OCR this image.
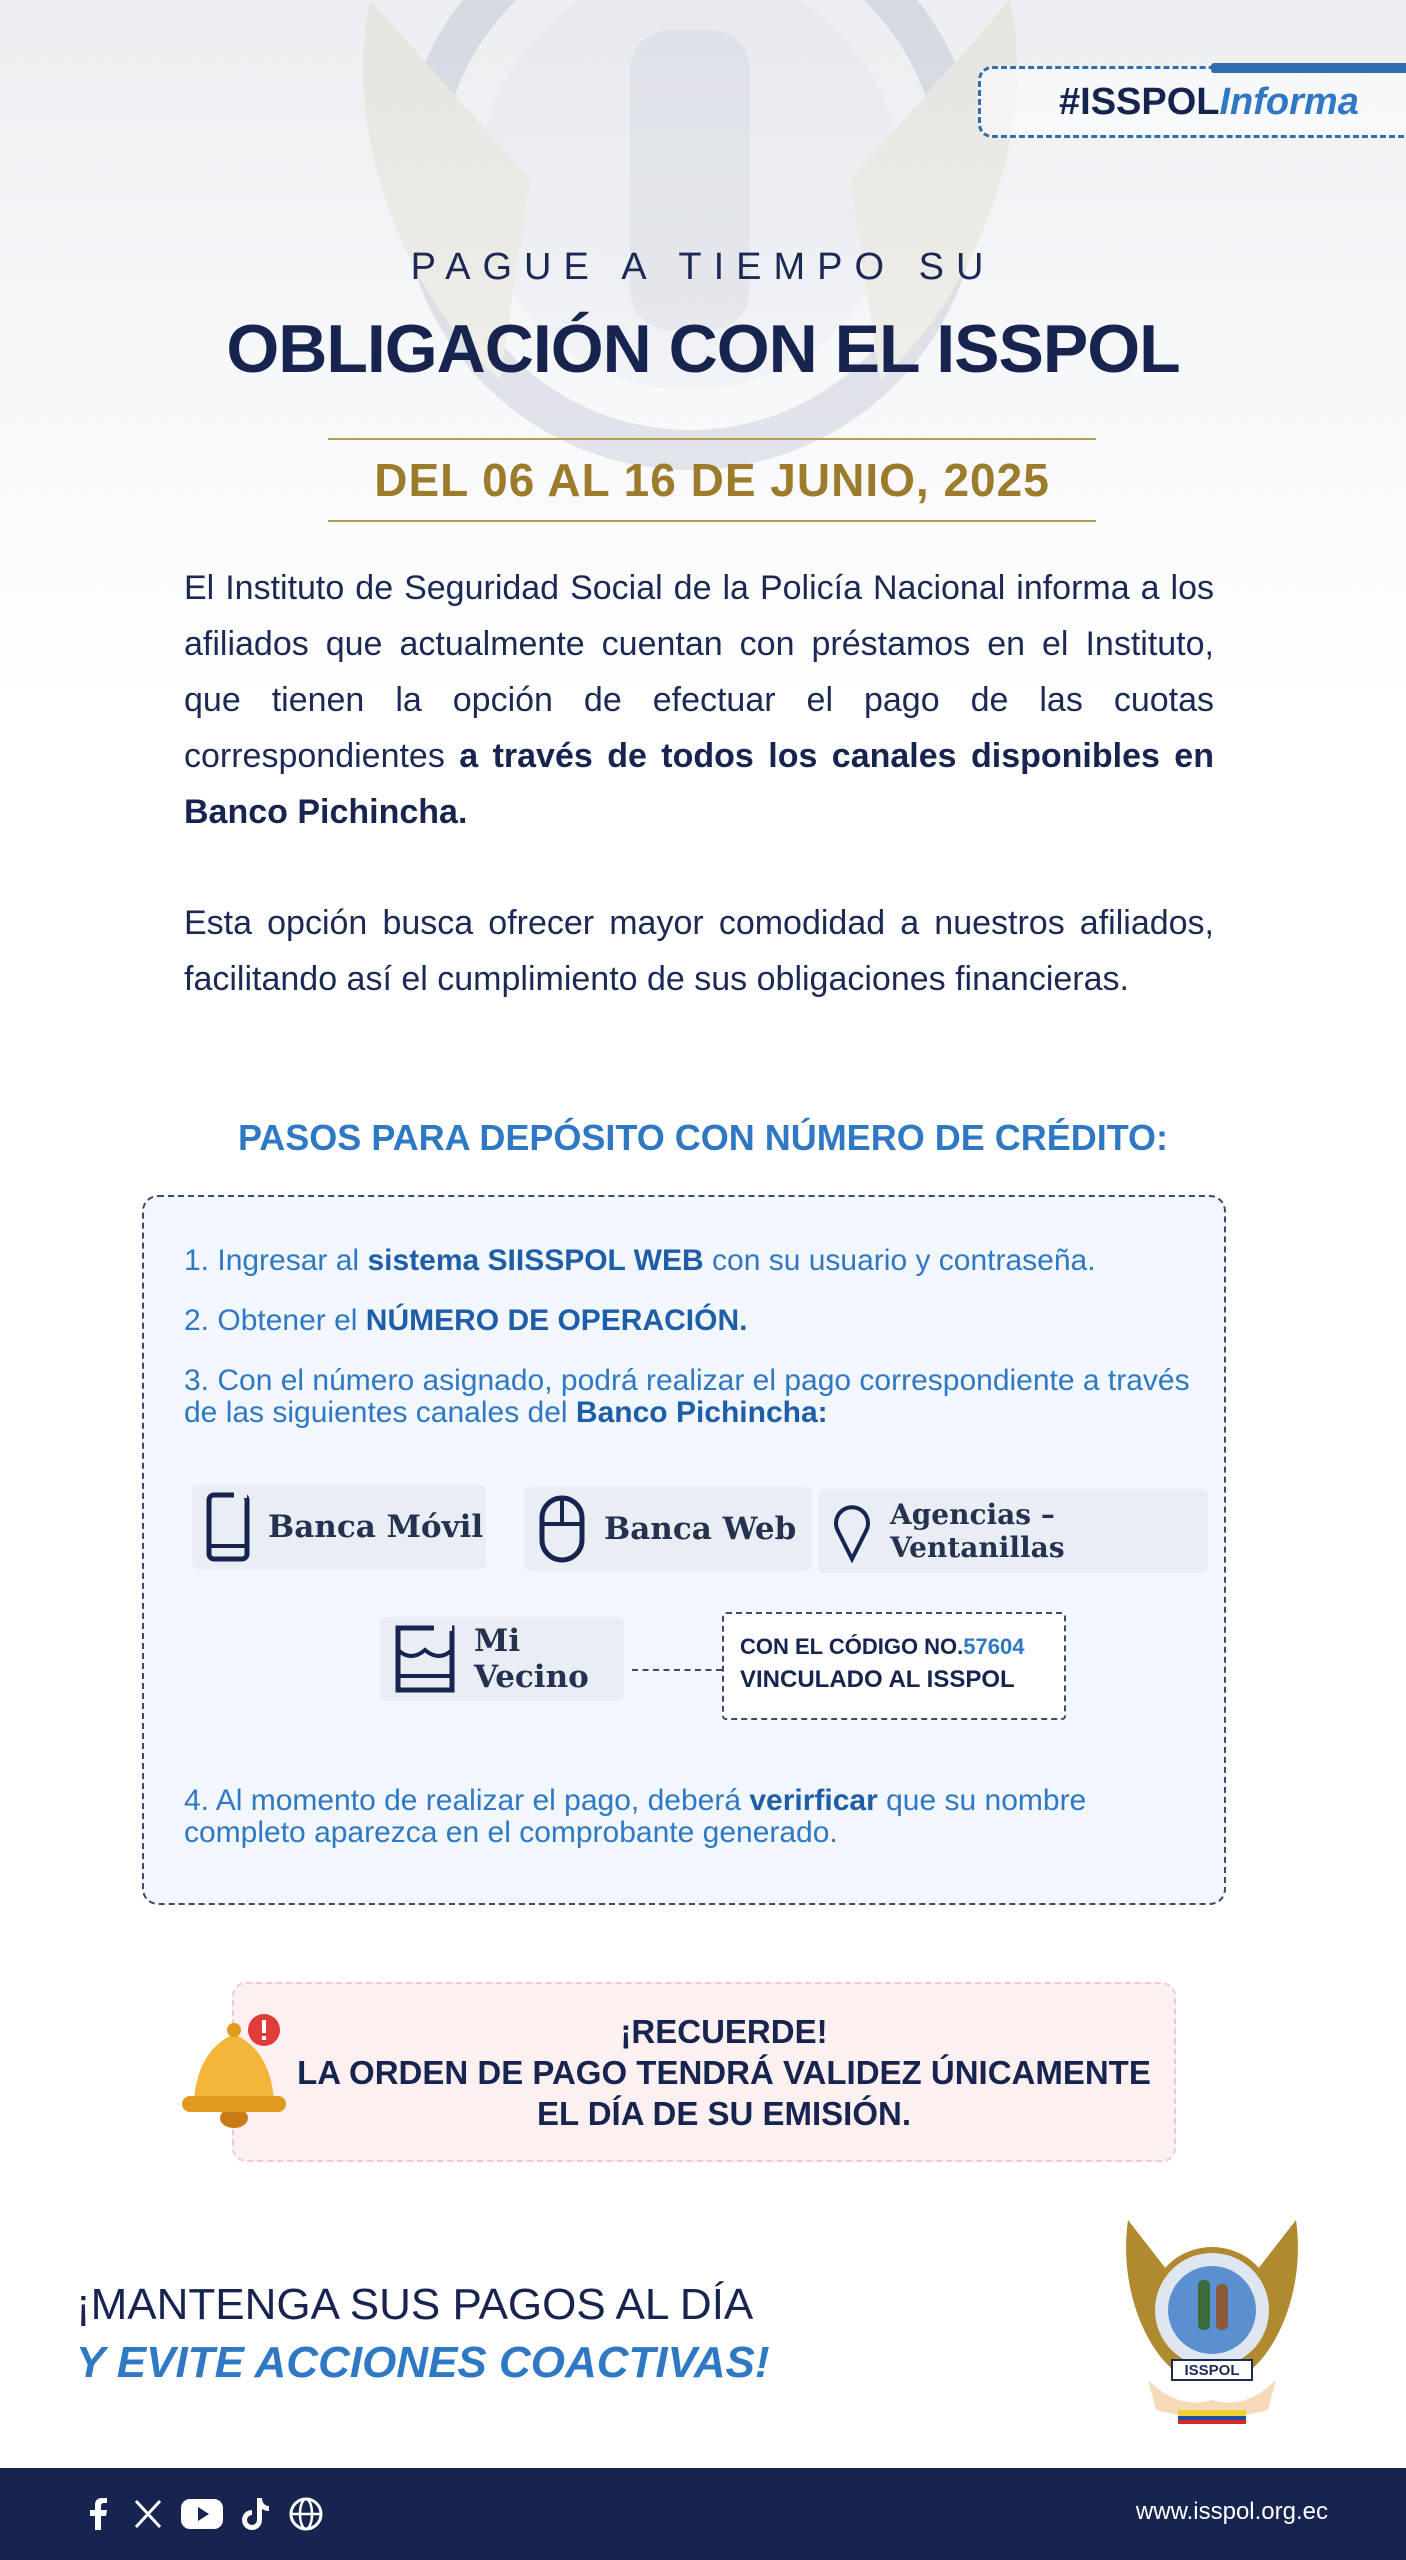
#ISSPOL Informa
PAGUE A TIEMPO SU
OBLIGACIÓN CON EL ISSPOL
DEL 06 AL 16 DE JUNIO, 2025

El Instituto de Seguridad Social de la Policía Nacional informa a los afiliados que actualmente cuentan con préstamos en el Instituto, que tienen la opción de efectuar el pago de las cuotas correspondientes a través de todos los canales disponibles en Banco Pichincha.

Esta opción busca ofrecer mayor comodidad a nuestros afiliados, facilitando así el cumplimiento de sus obligaciones financieras.

PASOS PARA DEPÓSITO CON NÚMERO DE CRÉDITO:
1. Ingresar al sistema SIISSPOL WEB con su usuario y contraseña.
2. Obtener el NÚMERO DE OPERACIÓN.
3. Con el número asignado, podrá realizar el pago correspondiente a través de las siguientes canales del Banco Pichincha:
Banca Móvil	Banca Web	Agencias – Ventanillas
Mi Vecino
CON EL CÓDIGO NO.57604
VINCULADO AL ISSPOL
4. Al momento de realizar el pago, deberá verirficar que su nombre completo aparezca en el comprobante generado.
¡RECUERDE!
LA ORDEN DE PAGO TENDRÁ VALIDEZ ÚNICAMENTE
EL DÍA DE SU EMISIÓN.
¡MANTENGA SUS PAGOS AL DÍA
Y EVITE ACCIONES COACTIVAS!	ISSPOL
www.isspol.org.ec
